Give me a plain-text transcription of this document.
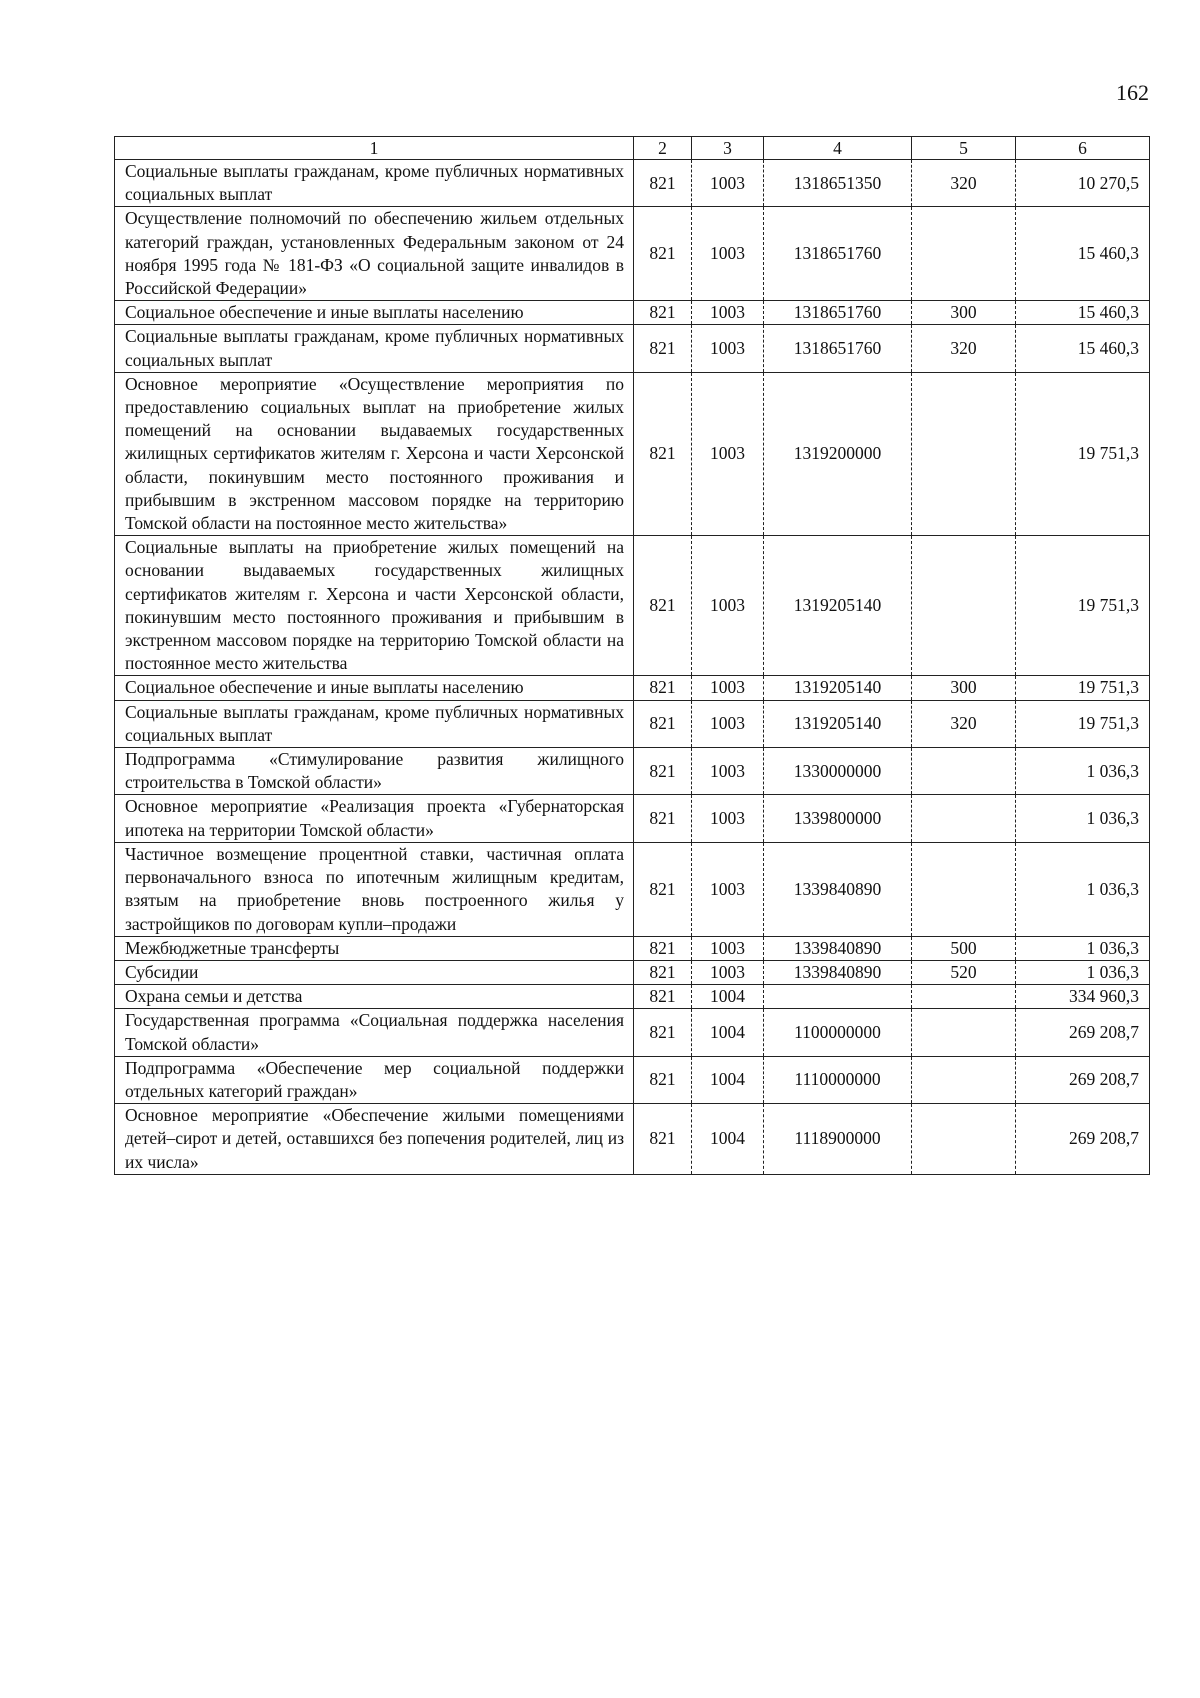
162
1	2	3	4	5	6
Социальные выплаты гражданам, кроме публичных нормативных социальных выплат	821	1003	1318651350	320	10 270,5
Осуществление полномочий по обеспечению жильем отдельных категорий граждан, установленных Федеральным законом от 24 ноября 1995 года № 181-ФЗ «О социальной защите инвалидов в Российской Федерации»	821	1003	1318651760		15 460,3
Социальное обеспечение и иные выплаты населению	821	1003	1318651760	300	15 460,3
Социальные выплаты гражданам, кроме публичных нормативных социальных выплат	821	1003	1318651760	320	15 460,3
Основное мероприятие «Осуществление мероприятия по предоставлению социальных выплат на приобретение жилых помещений на основании выдаваемых государственных жилищных сертификатов жителям г. Херсона и части Херсонской области, покинувшим место постоянного проживания и прибывшим в экстренном массовом порядке на территорию Томской области на постоянное место жительства»	821	1003	1319200000		19 751,3
Социальные выплаты на приобретение жилых помещений на основании выдаваемых государственных жилищных сертификатов жителям г. Херсона и части Херсонской области, покинувшим место постоянного проживания и прибывшим в экстренном массовом порядке на территорию Томской области на постоянное место жительства	821	1003	1319205140		19 751,3
Социальное обеспечение и иные выплаты населению	821	1003	1319205140	300	19 751,3
Социальные выплаты гражданам, кроме публичных нормативных социальных выплат	821	1003	1319205140	320	19 751,3
Подпрограмма «Стимулирование развития жилищного строительства в Томской области»	821	1003	1330000000		1 036,3
Основное мероприятие «Реализация проекта «Губернаторская ипотека на территории Томской области»	821	1003	1339800000		1 036,3
Частичное возмещение процентной ставки, частичная оплата первоначального взноса по ипотечным жилищным кредитам, взятым на приобретение вновь построенного жилья у застройщиков по договорам купли–продажи	821	1003	1339840890		1 036,3
Межбюджетные трансферты	821	1003	1339840890	500	1 036,3
Субсидии	821	1003	1339840890	520	1 036,3
Охрана семьи и детства	821	1004			334 960,3
Государственная программа «Социальная поддержка населения Томской области»	821	1004	1100000000		269 208,7
Подпрограмма «Обеспечение мер социальной поддержки отдельных категорий граждан»	821	1004	1110000000		269 208,7
Основное мероприятие «Обеспечение жилыми помещениями детей–сирот и детей, оставшихся без попечения родителей, лиц из их числа»	821	1004	1118900000		269 208,7
